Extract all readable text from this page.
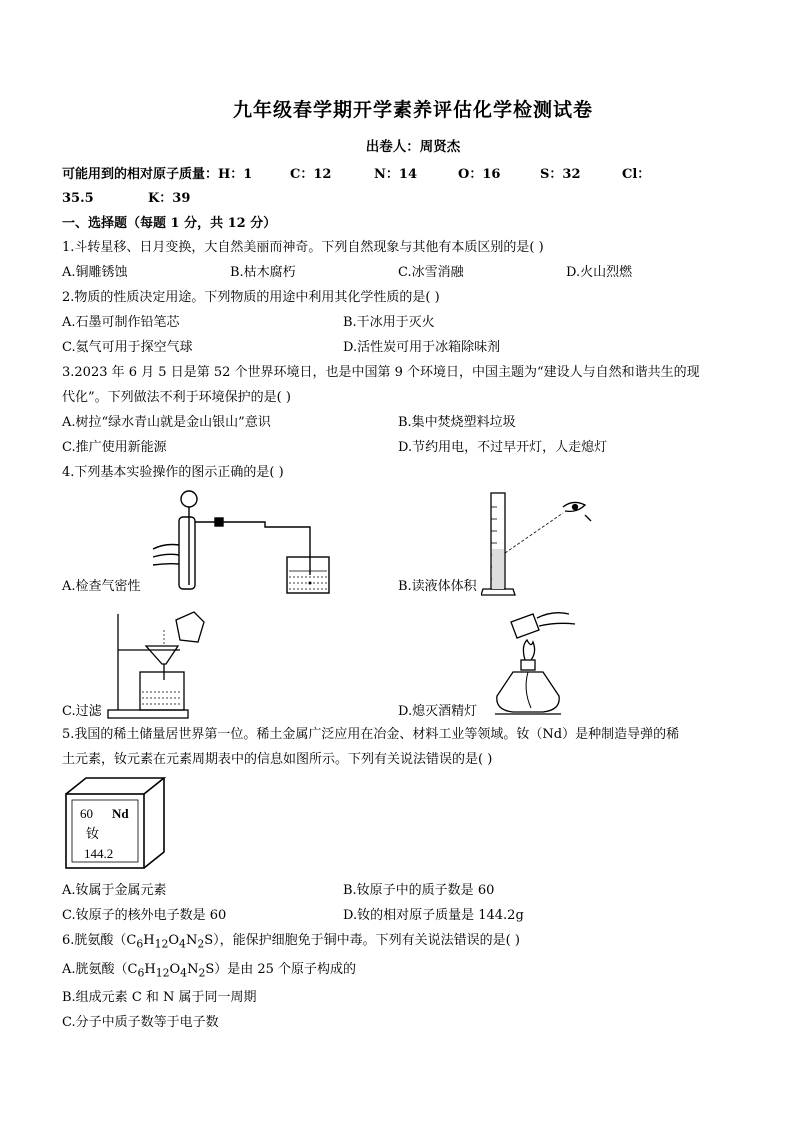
九年级春学期开学素养评估化学检测试卷
出卷人：周贤杰
可能用到的相对原子质量：H：1	C：12	N：14	O：16	S：32	Cl：
35.5	K：39
一、选择题（每题 1 分，共 12 分）
1.斗转星移、日月变换，大自然美丽而神奇。下列自然现象与其他有本质区别的是( )
A.铜雕锈蚀	B.枯木腐朽	C.冰雪消融	D.火山烈燃
2.物质的性质决定用途。下列物质的用途中利用其化学性质的是( )
A.石墨可制作铅笔芯	B.干冰用于灭火
C.氦气可用于探空气球	D.活性炭可用于冰箱除味剂
3.2023 年 6 月 5 日是第 52 个世界环境日，也是中国第 9 个环境日，中国主题为“建设人与自然和谐共生的现
代化”。下列做法不利于环境保护的是( )
A.树拉“绿水青山就是金山银山”意识	B.集中焚烧塑料垃圾
C.推广使用新能源	D.节约用电，不过早开灯，人走熄灯
4.下列基本实验操作的图示正确的是( )
A.检查气密性	B.读液体体积
C.过滤	D.熄灭酒精灯
5.我国的稀土储量居世界第一位。稀土金属广泛应用在冶金、材料工业等领域。钕（Nd）是种制造导弹的稀
土元素，钕元素在元素周期表中的信息如图所示。下列有关说法错误的是( )
60 Nd
钕
144.2
A.钕属于金属元素	B.钕原子中的质子数是 60
C.钕原子的核外电子数是 60	D.钕的相对原子质量是 144.2g
6.胱氨酸$(C_6H_{12}O_4N_2S)$，能保护细胞免于铜中毒。下列有关说法错误的是( )
A.胱氨酸$(C_6H_{12}O_4N_2S)$是由 25 个原子构成的
B.组成元素 C 和 N 属于同一周期
C.分子中质子数等于电子数
